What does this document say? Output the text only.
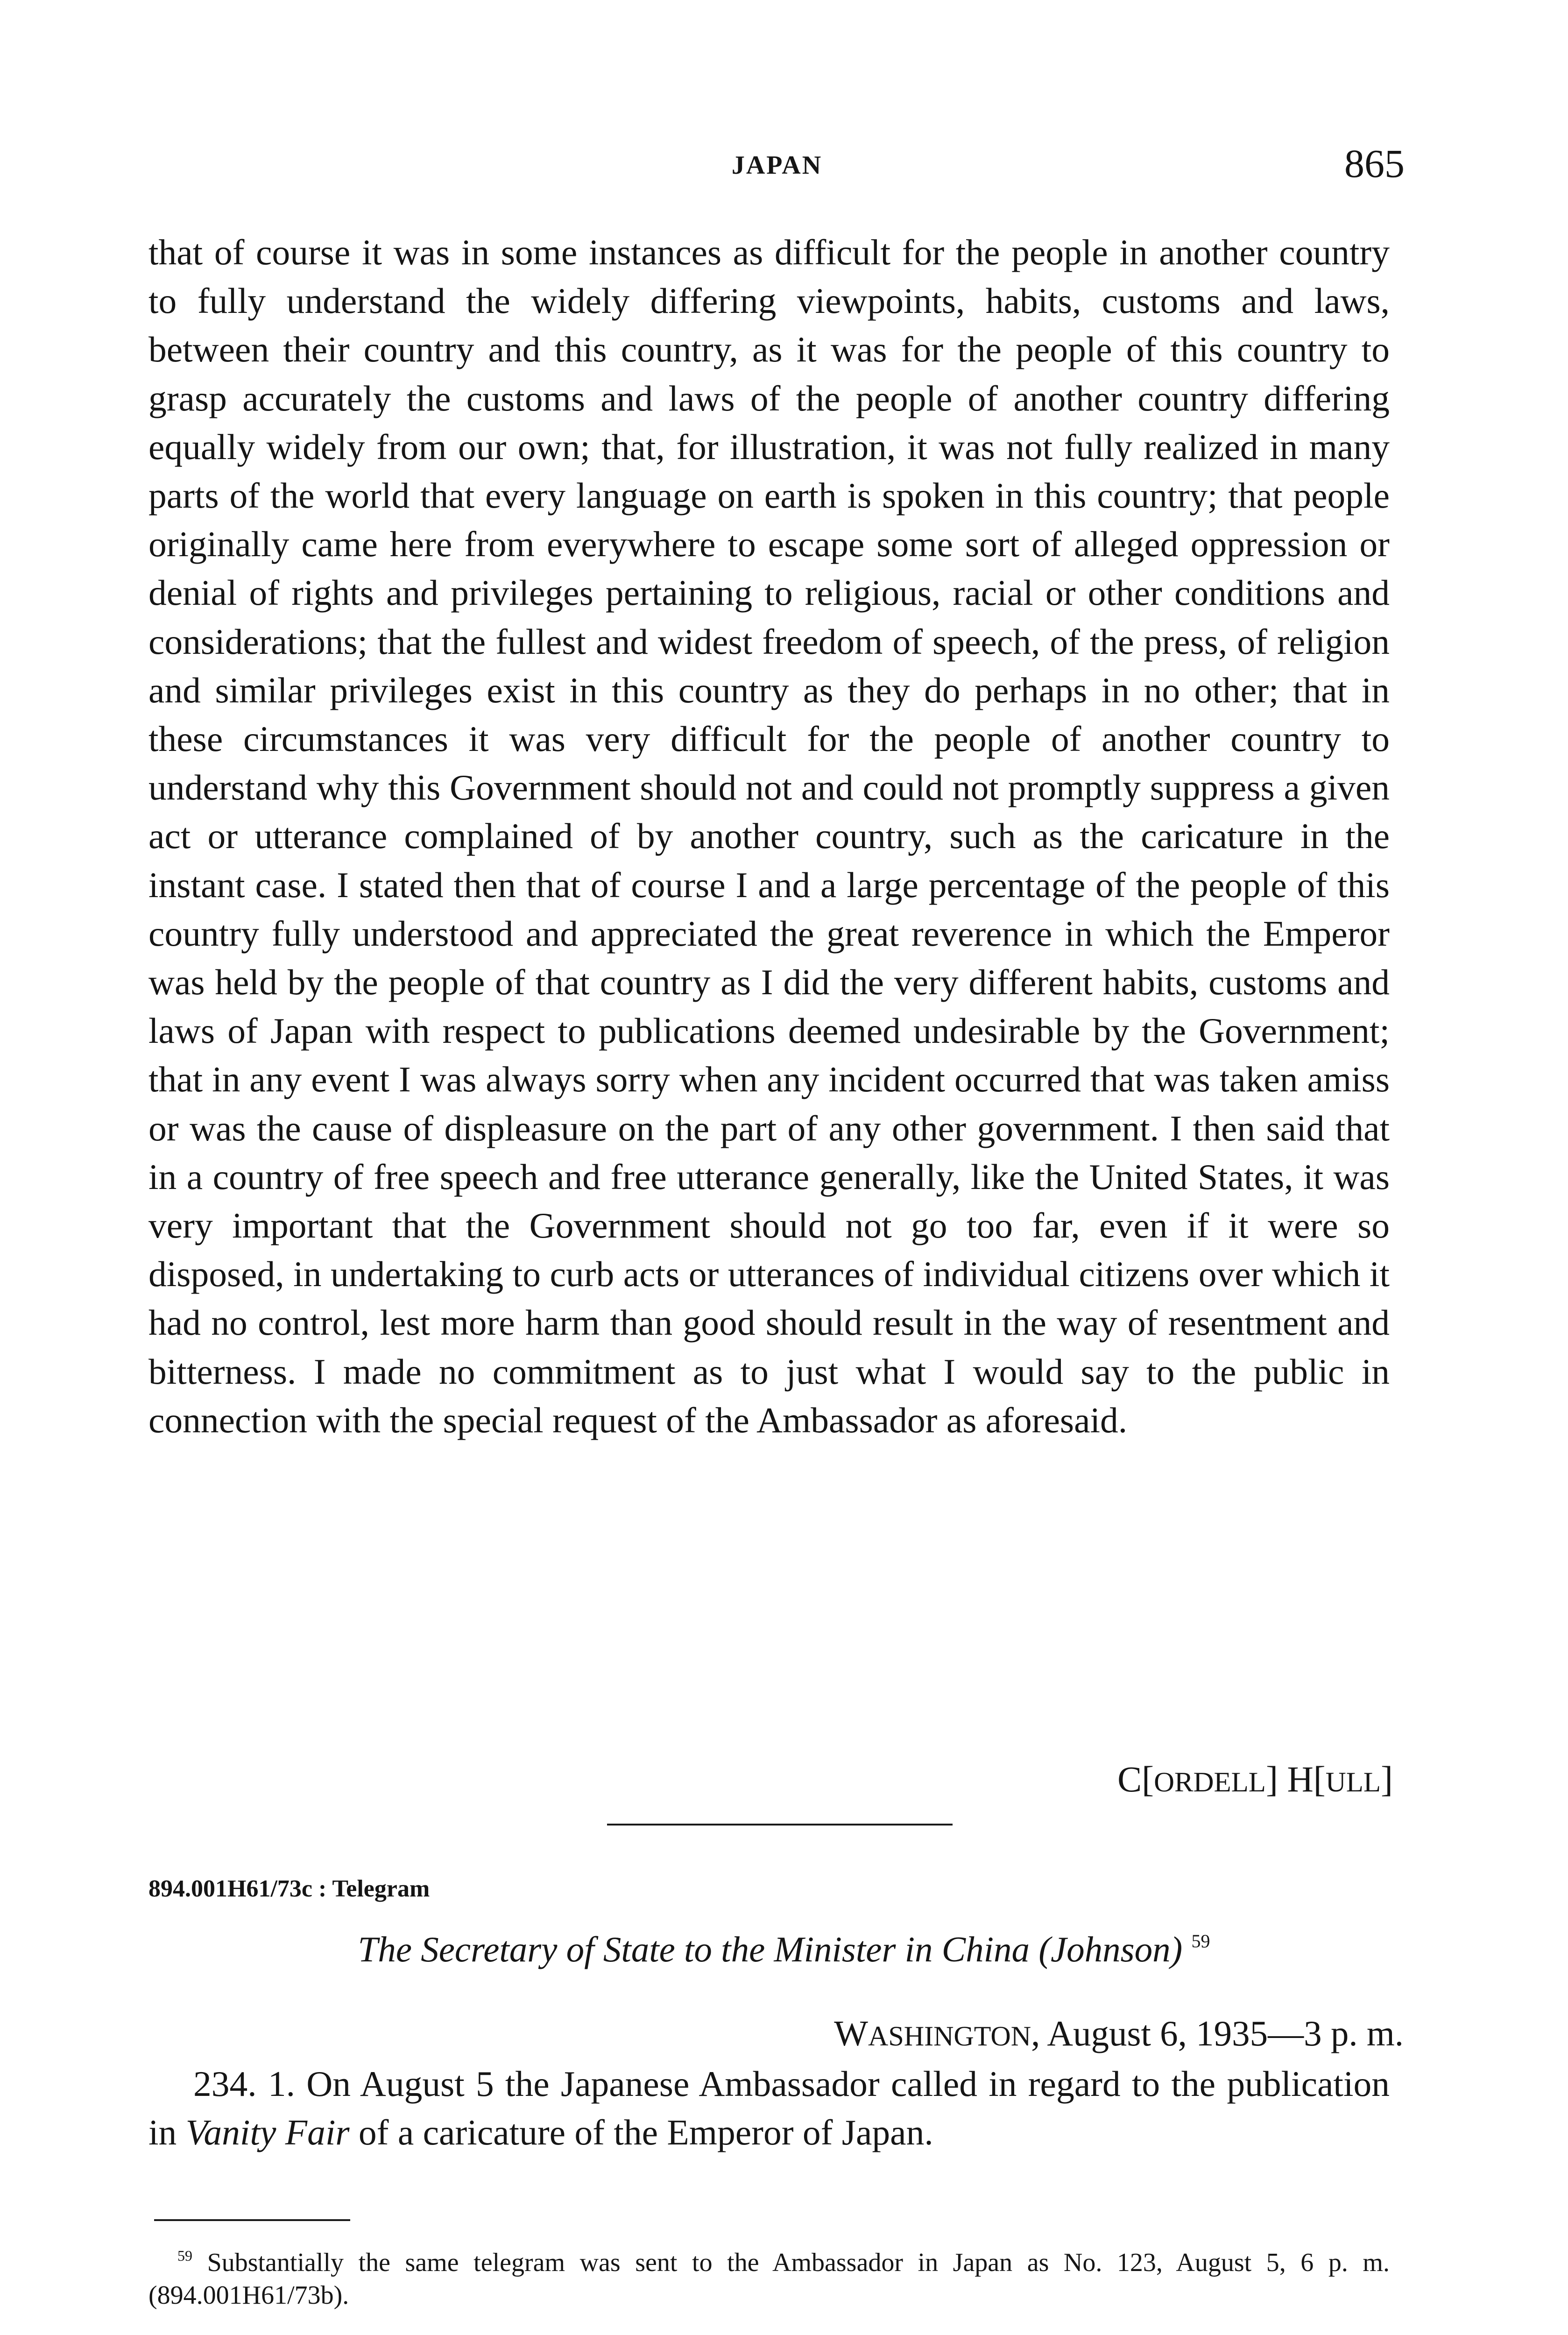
JAPAN	865
that of course it was in some instances as difficult for the people in another country to fully understand the widely differing viewpoints, habits, customs and laws, between their country and this country, as it was for the people of this country to grasp accurately the customs and laws of the people of another country differing equally widely from our own; that, for illustration, it was not fully realized in many parts of the world that every language on earth is spoken in this country; that people originally came here from everywhere to escape some sort of alleged oppression or denial of rights and privileges pertaining to religious, racial or other conditions and considerations; that the fullest and widest freedom of speech, of the press, of religion and similar privileges exist in this country as they do perhaps in no other; that in these circumstances it was very difficult for the people of another country to understand why this Government should not and could not promptly suppress a given act or utterance complained of by another country, such as the caricature in the instant case. I stated then that of course I and a large percentage of the people of this country fully understood and appreciated the great reverence in which the Emperor was held by the people of that country as I did the very different habits, customs and laws of Japan with respect to publications deemed undesirable by the Government; that in any event I was always sorry when any incident occurred that was taken amiss or was the cause of displeasure on the part of any other government. I then said that in a country of free speech and free utterance generally, like the United States, it was very important that the Government should not go too far, even if it were so disposed, in undertaking to curb acts or utterances of individual citizens over which it had no control, lest more harm than good should result in the way of resentment and bitterness. I made no commitment as to just what I would say to the public in connection with the special request of the Ambassador as aforesaid.
C[ORDELL] H[ULL]
894.001H61/73c : Telegram
The Secretary of State to the Minister in China (Johnson) $^{59}$
WASHINGTON, August 6, 1935—3 p. m.
234. 1. On August 5 the Japanese Ambassador called in regard to the publication in Vanity Fair of a caricature of the Emperor of Japan.
$^{59}$ Substantially the same telegram was sent to the Ambassador in Japan as No. 123, August 5, 6 p. m. (894.001H61/73b).
